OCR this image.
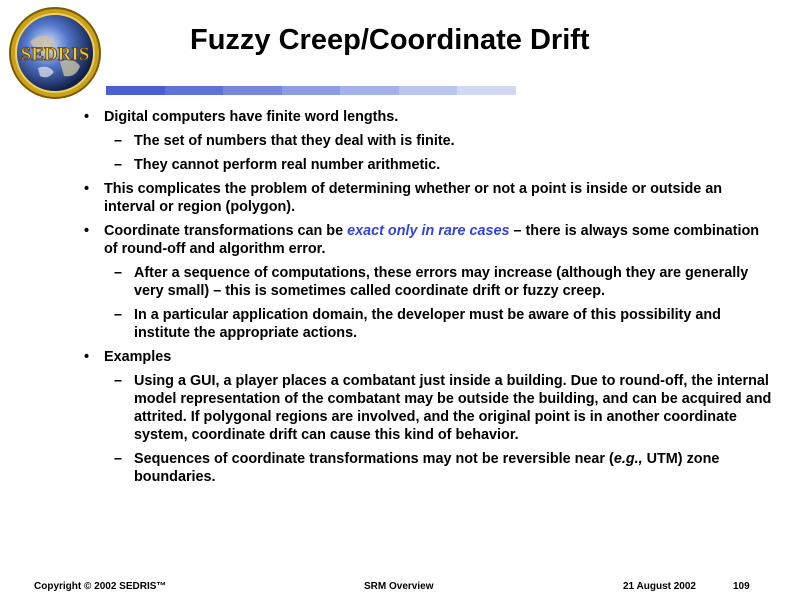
SEDRIS	Fuzzy Creep/Coordinate Drift
• Digital computers have finite word lengths.
– The set of numbers that they deal with is finite.
– They cannot perform real number arithmetic.
• This complicates the problem of determining whether or not a point is inside or outside an interval or region (polygon).
• Coordinate transformations can be exact only in rare cases – there is always some combination of round-off and algorithm error.
– After a sequence of computations, these errors may increase (although they are generally very small) – this is sometimes called coordinate drift or fuzzy creep.
– In a particular application domain, the developer must be aware of this possibility and institute the appropriate actions.
• Examples
– Using a GUI, a player places a combatant just inside a building. Due to round-off, the internal model representation of the combatant may be outside the building, and can be acquired and attrited. If polygonal regions are involved, and the original point is in another coordinate system, coordinate drift can cause this kind of behavior.
– Sequences of coordinate transformations may not be reversible near (e.g., UTM) zone boundaries.
Copyright © 2002 SEDRIS™	SRM Overview	21 August 2002	109
